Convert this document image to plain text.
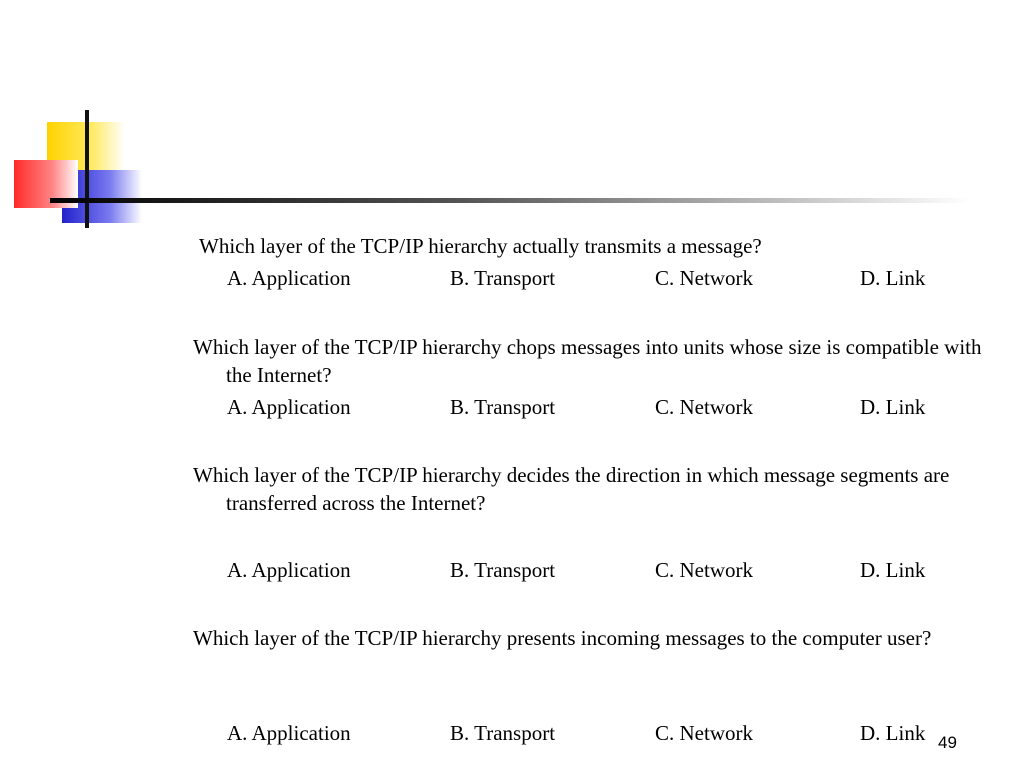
Which layer of the TCP/IP hierarchy actually transmits a message?
A. Application	B. Transport	C. Network	D. Link
Which layer of the TCP/IP hierarchy chops messages into units whose size is compatible with the Internet?
A. Application	B. Transport	C. Network	D. Link
Which layer of the TCP/IP hierarchy decides the direction in which message segments are transferred across the Internet?
A. Application	B. Transport	C. Network	D. Link
Which layer of the TCP/IP hierarchy presents incoming messages to the computer user?
A. Application	B. Transport	C. Network	D. Link 49
